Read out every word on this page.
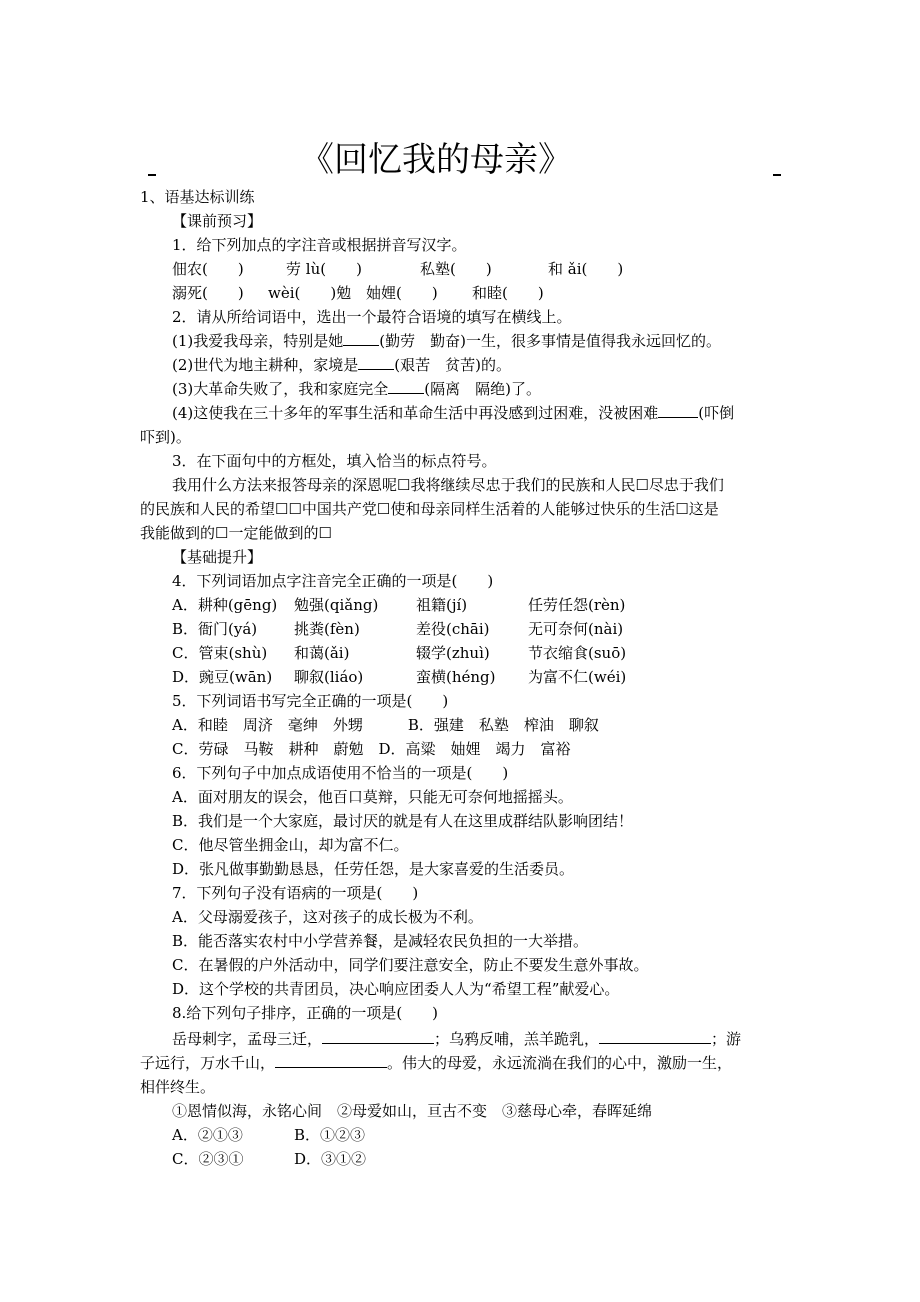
《回忆我的母亲》
1、语基达标训练
【课前预习】
1．给下列加点的字注音或根据拼音写汉字。
佃农(　　)	劳 lù(　　)	私塾(　　)	和 ǎi(　　)
溺死(　　) wèi(　　)勉 妯娌(　　) 和睦(　　)
2．请从所给词语中，选出一个最符合语境的填写在横线上。
(1)我爱我母亲，特别是她 (勤劳　勤奋)一生，很多事情是值得我永远回忆的。
(2)世代为地主耕种，家境是 (艰苦　贫苦)的。
(3)大革命失败了，我和家庭完全 (隔离　隔绝)了。
(4)这使我在三十多年的军事生活和革命生活中再没感到过困难，没被困难	(吓倒
吓到)。
3．在下面句中的方框处，填入恰当的标点符号。
我用什么方法来报答母亲的深恩呢☐我将继续尽忠于我们的民族和人民☐尽忠于我们
的民族和人民的希望☐☐中国共产党☐使和母亲同样生活着的人能够过快乐的生活☐这是
我能做到的☐一定能做到的☐
【基础提升】
4．下列词语加点字注音完全正确的一项是(　　)
A．耕种(gēng) 勉强(qiǎng)	祖籍(jí)	任劳任怨(rèn)
B．衙门(yá) 挑粪(fèn)	差役(chāi)	无可奈何(nài)
C．管束(shù) 和蔼(ǎi)	辍学(zhuì)	节衣缩食(suō)
D．豌豆(wān) 聊叙(liáo)	蛮横(héng) 为富不仁(wéi)
5．下列词语书写完全正确的一项是(　　)
A．和睦　周济　毫绅　外甥　　　B．强建　私塾　榨油　聊叙
C．劳碌　马鞍　耕种　蔚勉　D．高粱　妯娌　竭力　富裕
6．下列句子中加点成语使用不恰当的一项是(　　)
A．面对朋友的误会，他百口莫辩，只能无可奈何地摇摇头。
B．我们是一个大家庭，最讨厌的就是有人在这里成群结队影响团结！
C．他尽管坐拥金山，却为富不仁。
D．张凡做事勤勤恳恳，任劳任怨，是大家喜爱的生活委员。
7．下列句子没有语病的一项是(　　)
A．父母溺爱孩子，这对孩子的成长极为不利。
B．能否落实农村中小学营养餐，是减轻农民负担的一大举措。
C．在暑假的户外活动中，同学们要注意安全，防止不要发生意外事故。
D．这个学校的共青团员，决心响应团委人人为“希望工程”献爱心。
8.给下列句子排序，正确的一项是(　　)
岳母刺字，孟母三迁，	；乌鸦反哺，羔羊跪乳，	；游
子远行，万水千山，	。伟大的母爱，永远流淌在我们的心中，激励一生，
相伴终生。
①恩情似海，永铭心间　②母爱如山，亘古不变　③慈母心牵，春晖延绵
A．②①③	B．①②③
C．②③①	D．③①②
